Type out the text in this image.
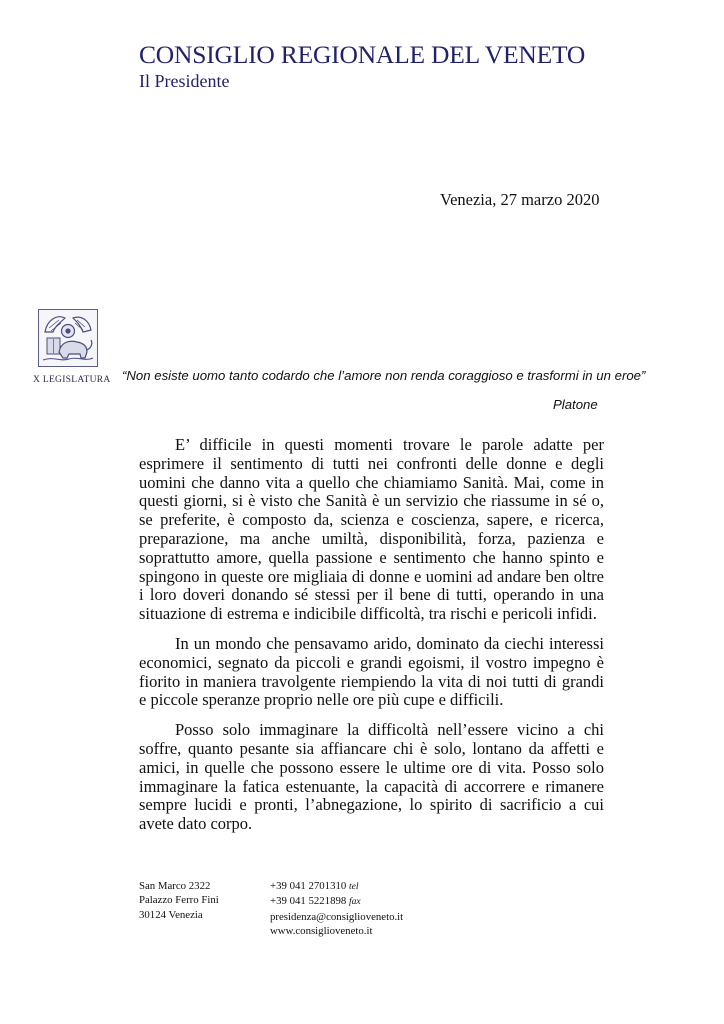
CONSIGLIO REGIONALE DEL VENETO
Il Presidente
Venezia, 27 marzo 2020
X LEGISLATURA “Non esiste uomo tanto codardo che l’amore non renda coraggioso e trasformi in un eroe”
Platone

E’ difficile in questi momenti trovare le parole adatte per esprimere il sentimento di tutti nei confronti delle donne e degli uomini che danno vita a quello che chiamiamo Sanità. Mai, come in questi giorni, si è visto che Sanità è un servizio che riassume in sé o, se preferite, è composto da, scienza e coscienza, sapere, e ricerca, preparazione, ma anche umiltà, disponibilità, forza, pazienza e soprattutto amore, quella passione e sentimento che hanno spinto e spingono in queste ore migliaia di donne e uomini ad andare ben oltre i loro doveri donando sé stessi per il bene di tutti, operando in una situazione di estrema e indicibile difficoltà, tra rischi e pericoli infidi.

In un mondo che pensavamo arido, dominato da ciechi interessi economici, segnato da piccoli e grandi egoismi, il vostro impegno è fiorito in maniera travolgente riempiendo la vita di noi tutti di grandi e piccole speranze proprio nelle ore più cupe e difficili.

Posso solo immaginare la difficoltà nell’essere vicino a chi soffre, quanto pesante sia affiancare chi è solo, lontano da affetti e amici, in quelle che possono essere le ultime ore di vita. Posso solo immaginare la fatica estenuante, la capacità di accorrere e rimanere sempre lucidi e pronti, l’abnegazione, lo spirito di sacrificio a cui avete dato corpo.

San Marco 2322
Palazzo Ferro Fini
30124 Venezia
+39 041 2701310 tel
+39 041 5221898 fax
presidenza@consiglioveneto.it
www.consiglioveneto.it
